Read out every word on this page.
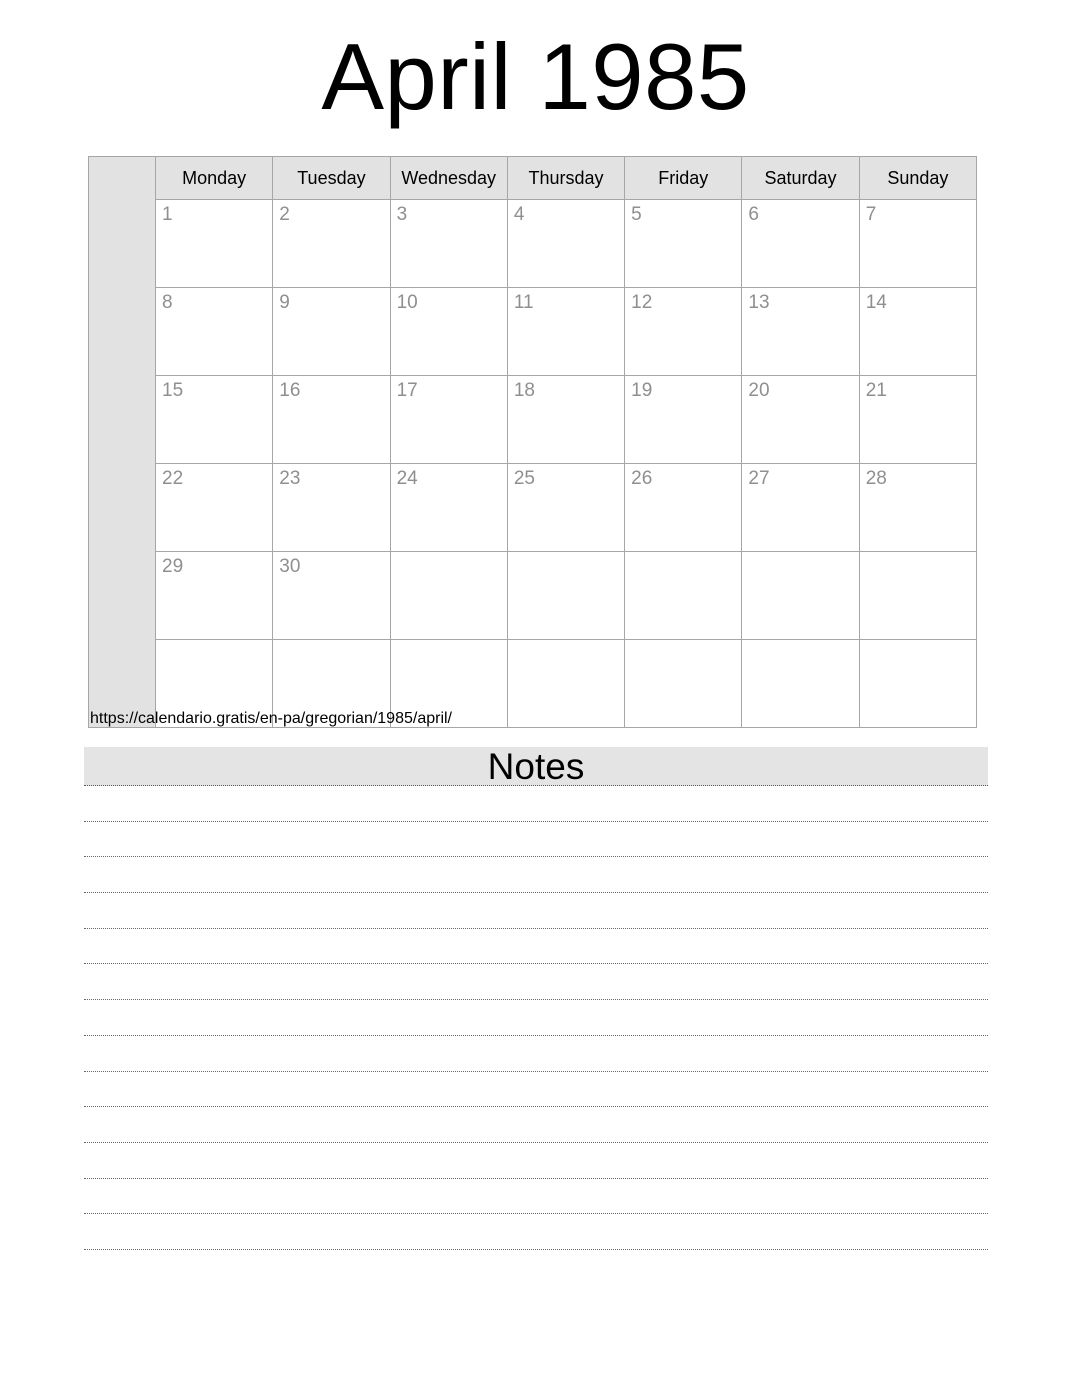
April 1985
	Monday	Tuesday	Wednesday	Thursday	Friday	Saturday	Sunday
	1	2	3	4	5	6	7
	8	9	10	11	12	13	14
	15	16	17	18	19	20	21
	22	23	24	25	26	27	28
	29	30					

https://calendario.gratis/en-pa/gregorian/1985/april/
Notes
